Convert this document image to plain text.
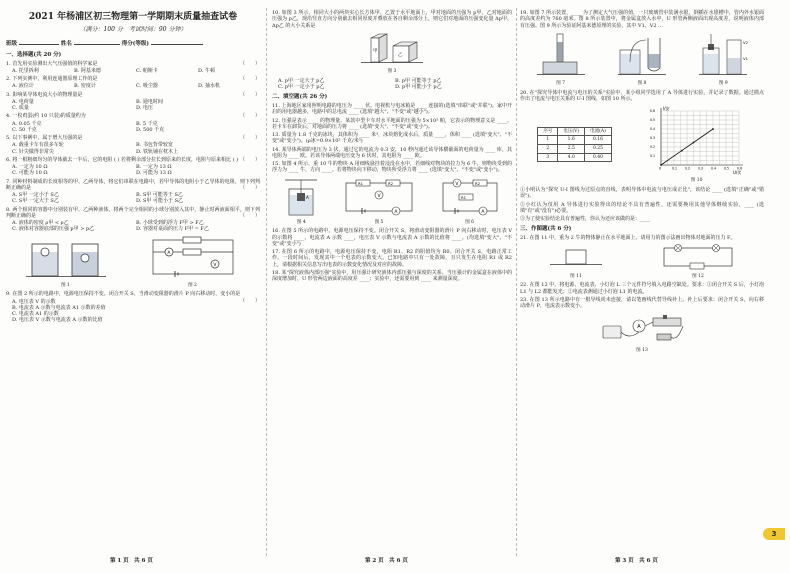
2021 年杨浦区初三物理第一学期期末质量抽查试卷
（满分：100 分　考试时间：90 分钟）
班级	姓名	得分(等级)
一、选择题(共 20 分)
1. 首先用实验测出大气压强值的科学家是	（　　）
A. 托里拆利	B. 阿基米德	C. 帕斯卡	D. 牛顿
2. 下列实例中，利用连通器原理工作的是	（　　）
A. 液位计	B. 密度计	C. 吸尘器	D. 抽水机
3. 影响某导体电流大小的物理量是	（　　）
A. 电荷量	B. 通电时间
C. 质量	D. 电压
4. 一枚鸡蛋(约 10 只装)的质量约为	（　　）
A. 0.05 千克	B. 5 千克
C. 50 千克	D. 500 千克
5. 以下事例中，属于增大压强的是	（　　）
A. 载重卡车有很多车轮	B. 书包背带较宽
C. 针尖做得非常尖	D. 铁轨铺在枕木上
6. 将一根粗细均匀的导体截去一半后，它的电阻 ( ) 若将剩余部分拉长到原来的长度，电阻与原来相比 ( ) （　　）
A. 一定为 10 Ω	B. 一定为 13 Ω
C. 可能为 10 Ω	D. 可能为 13 Ω
7. 同种材料制成的长度相等的甲、乙两导体，将它们串联在电路中，若甲导体的电阻小于乙导体的电阻，则下列判断正确的是	（　　）
A. S甲 一定小于 S乙	B. S甲 可能等于 S乙
C. S甲 一定大于 S乙	D. S甲 可能小于 S乙
8. 两个相同的容器中分别装有甲、乙两种液体，将两个完全相同的小球分别放入其中，静止时两液面相平，则下列判断正确的是	（　　）
A. 液体的密度 ρ甲 < ρ乙	B. 小球受到的浮力 F甲 > F乙
C. 液体对容器底部的压强 p甲 > p乙	D. 容器对桌面的压力 F甲 = F乙
图 1
A
V
图 2
9. 在图 2 所示的电路中，电源电压保持不变。闭合开关 S，当滑动变阻器的滑片 P 向右移动时，变小的是
（　　）
A. 电压表 V 的示数
B. 电流表 A 示数与电流表 A1 示数的差值
C. 电流表 A1 的示数
D. 电压表 V 示数与电流表 A 示数的比值
10. 如图 3 所示，相同大小的两块实心长方体甲、乙置于水平地面上，甲对地面的压强为 p甲，乙对地面的压强为 p乙，现沿竖直方向分别截去相同厚度并叠放在各自剩余部分上，则它们对地面的压强变化量 Δp甲、Δp乙 的大小关系是
甲
乙
图 3
A. p甲 一定大于 p乙	B. p甲 可能等于 p乙
C. p甲 一定小于 p乙	D. p甲 可能小于 p乙
二、填空题(共 26 分)
11. 上海地区家用照明电路的电压为 ____ 伏。电视机与电冰箱是 ____ 连接的(选填"串联"或"并联")。家中开启的用电器越多，电路中的总电流 ____ (选填"越大"、"不变"或"越小")。
12. 压强是表示 ____ 的物理量。某款中型卡车对水平地面的压强为 5×10⁵ 帕，它表示的物理意义是 ____。若卡车在卸货后，对地面的压力将 ____ (选填"变大"、"不变"或"变小")。
13. 质量为 1.8 千克的冰块，其体积为 ____ 米³，冰块熔化成水后，质量 ____，体积 ____ (选填"变大"、"不变"或"变小")。(ρ冰=0.9×10³ 千克/米³)
14. 某导体两端的电压为 3 伏，通过它的电流为 0.3 安，10 秒内通过该导体横截面的电荷量为 ____ 库，其电阻为 ____ 欧。若该导体两端电压变为 6 伏时，其电阻为 ____ 欧。
15. 如图 4 所示，重 10 牛的物块 A 用细线悬挂着浸没在水中，若细线对物块的拉力为 6 牛，则物块受到的浮力为 ____ 牛，方向 ____。若将物块向下移动，物块所受浮力将 ____ (选填"变大"、"不变"或"变小")。
A
图 4
R1	R2
V
A
图 5
V	R2
R1
A
图 6
16. 在图 5 所示的电路中，电源电压保持不变。闭合开关 S，将滑动变阻器的滑片 P 向右移动时，电压表 V 的示数将 ____，电流表 A 示数 ____，电压表 V 示数与电流表 A 示数的比值将 ____。(均选填"变大"、"不变"或"变小")
17. 在图 6 所示的电路中，电源电压保持不变，电阻 R1、R2 的阻值均为 R0。闭合开关 S，电路正常工作。一段时间后，发现其中一个电表的示数变大。已知电路中只有一处故障，且只发生在电阻 R1 或 R2 上，请根据相关信息写出电表的示数变化情况及对应的故障。
18. 某"探究液体内部压强"实验中，用压强计研究液体内部压强与深度的关系。当压强计的金属盒在液体中的深度增加时，U 形管两边液面的高度差 ____；实验中，还需要用到 ____ 来测量深度。
19. 如图 7 所示装置，____ 为了测定大气压强的值，一只玻璃管中装满水银，倒插在水银槽中，管内外水银面的高度差约为 760 毫米。图 8 所示装置中，将金属盒放入水中，U 形管两侧液面出现高度差，说明液体内部有压强。图 9 所示为验证阿基米德原理的实验，其中 V1、V2 …
图 7	图 8
V2
V1
图 9
20. 在"探究导体中电流与电压的关系"实验中，某小组同学选用了 A 导体进行实验，并记录了数据。通过描点作出了电流与电压关系的 U-I 图线，如图 10 所示。
序号	电压(V)	电流(A)
1	1.6	0.16
2	2.5	0.25
3	4.0	0.40
0	0.1 0.2 0.3 0.4 0.5 0.6
0.1
0.2
0.3
0.4
0.5
0.6
I/安
U/伏
图 10
①小明认为"探究 U-I 图线为过原点的直线，表明导体中电流与电压成正比"，该结论 ____ (选填"正确"或"错误")。
②小红认为仅用 A 导体进行实验得出的结论不具有普遍性，还需要换用其他导体继续实验，____ (选填"有"或"没有")必要。
③为了使实验结论具有普遍性，你认为还应该做的是：____
三、作图题(共 6 分)
21. 在图 11 中，重为 2 牛的物体静止在水平地面上，请用力的图示法画出物体对地面的压力 F。
图 11	图 12
22. 在图 12 中，将电源、电流表、小灯泡 L 三个元件符号填入电路空缺处。要求：①闭合开关 S 后，小灯泡 L1 与 L2 都能发光；②电流表测通过小灯泡 L1 的电流。
23. 在图 13 所示电路中有一根导线尚未连接，请以笔画线代替导线补上。补上后要求：闭合开关 S，向右移动滑片 P，电流表示数变小。
A
图 13
第 1 页　共 6 页	第 2 页　共 6 页	第 3 页　共 6 页
3
